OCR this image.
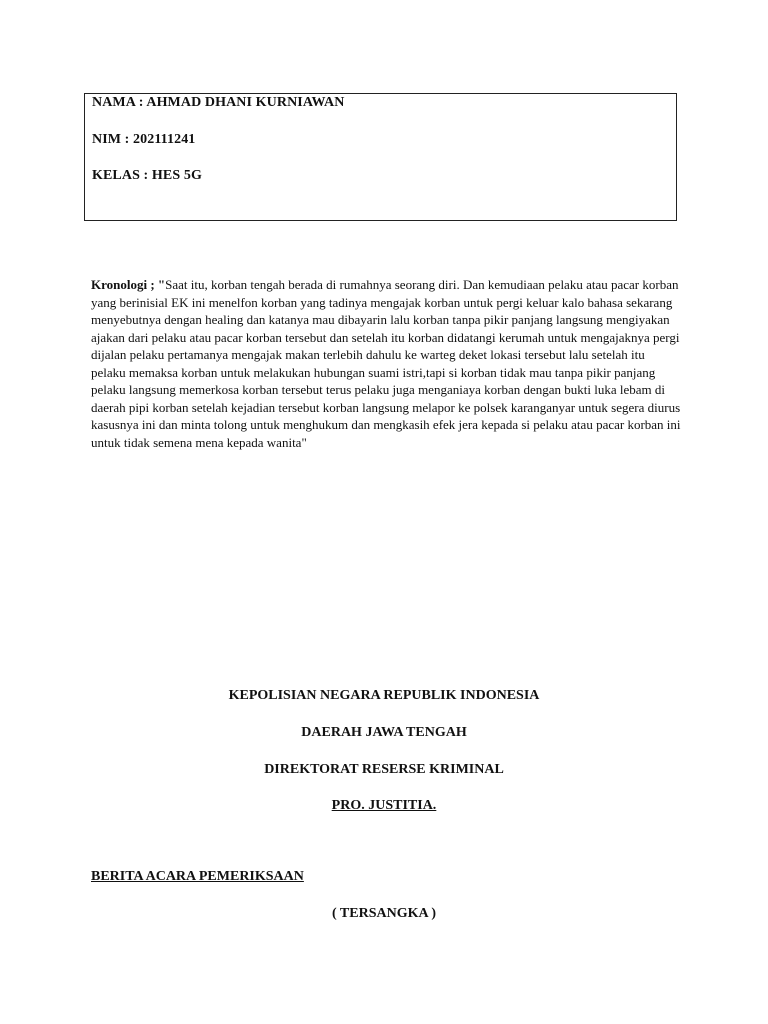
NAMA : AHMAD DHANI KURNIAWAN
NIM : 202111241
KELAS : HES 5G

Kronologi ; "Saat itu, korban tengah berada di rumahnya seorang diri. Dan kemudiaan pelaku atau pacar korban yang berinisial EK ini menelfon korban yang tadinya mengajak korban untuk pergi keluar kalo bahasa sekarang menyebutnya dengan healing dan katanya mau dibayarin lalu korban tanpa pikir panjang langsung mengiyakan ajakan dari pelaku atau pacar korban tersebut dan setelah itu korban didatangi kerumah untuk mengajaknya pergi dijalan pelaku pertamanya mengajak makan terlebih dahulu ke warteg deket lokasi tersebut lalu setelah itu pelaku memaksa korban untuk melakukan hubungan suami istri,tapi si korban tidak mau tanpa pikir panjang pelaku langsung memerkosa korban tersebut terus pelaku juga menganiaya korban dengan bukti luka lebam di daerah pipi korban setelah kejadian tersebut korban langsung melapor ke polsek karanganyar untuk segera diurus kasusnya ini dan minta tolong untuk menghukum dan mengkasih efek jera kepada si pelaku atau pacar korban ini untuk tidak semena mena kepada wanita"

KEPOLISIAN NEGARA REPUBLIK INDONESIA
DAERAH JAWA TENGAH
DIREKTORAT RESERSE KRIMINAL
PRO. JUSTITIA.
BERITA ACARA PEMERIKSAAN
( TERSANGKA )
